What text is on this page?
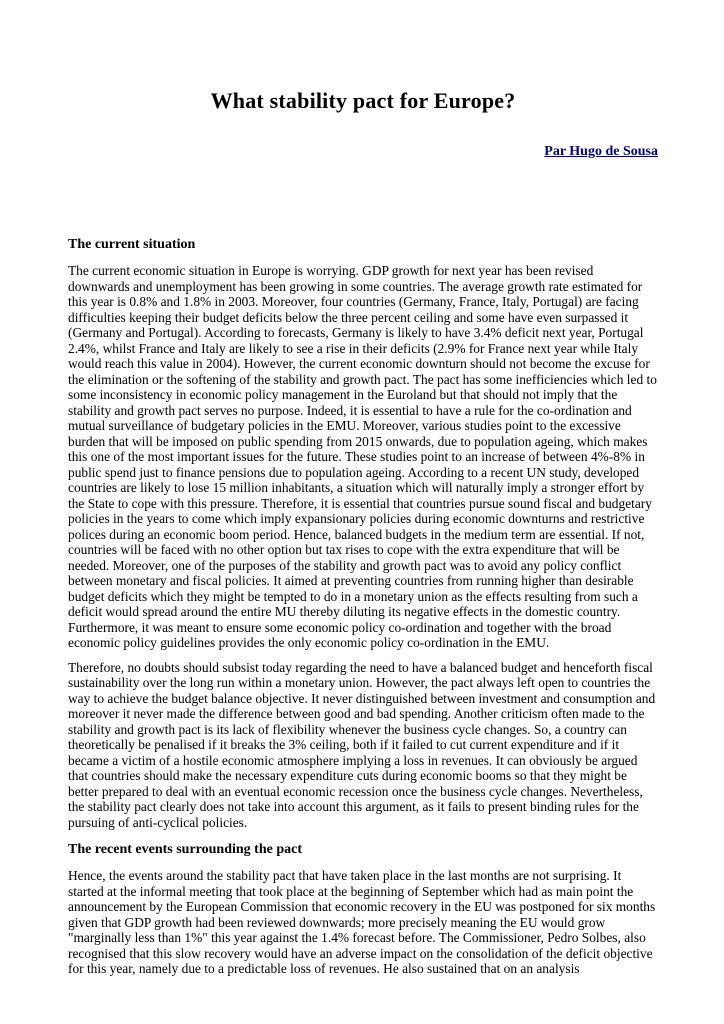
What stability pact for Europe?

Par Hugo de Sousa

The current situation

The current economic situation in Europe is worrying. GDP growth for next year has been revised downwards and unemployment has been growing in some countries. The average growth rate estimated for this year is 0.8% and 1.8% in 2003. Moreover, four countries (Germany, France, Italy, Portugal) are facing difficulties keeping their budget deficits below the three percent ceiling and some have even surpassed it (Germany and Portugal). According to forecasts, Germany is likely to have 3.4% deficit next year, Portugal 2.4%, whilst France and Italy are likely to see a rise in their deficits (2.9% for France next year while Italy would reach this value in 2004). However, the current economic downturn should not become the excuse for the elimination or the softening of the stability and growth pact. The pact has some inefficiencies which led to some inconsistency in economic policy management in the Euroland but that should not imply that the stability and growth pact serves no purpose. Indeed, it is essential to have a rule for the co-ordination and mutual surveillance of budgetary policies in the EMU. Moreover, various studies point to the excessive burden that will be imposed on public spending from 2015 onwards, due to population ageing, which makes this one of the most important issues for the future. These studies point to an increase of between 4%-8% in public spend just to finance pensions due to population ageing. According to a recent UN study, developed countries are likely to lose 15 million inhabitants, a situation which will naturally imply a stronger effort by the State to cope with this pressure. Therefore, it is essential that countries pursue sound fiscal and budgetary policies in the years to come which imply expansionary policies during economic downturns and restrictive polices during an economic boom period. Hence, balanced budgets in the medium term are essential. If not, countries will be faced with no other option but tax rises to cope with the extra expenditure that will be needed. Moreover, one of the purposes of the stability and growth pact was to avoid any policy conflict between monetary and fiscal policies. It aimed at preventing countries from running higher than desirable budget deficits which they might be tempted to do in a monetary union as the effects resulting from such a deficit would spread around the entire MU thereby diluting its negative effects in the domestic country. Furthermore, it was meant to ensure some economic policy co-ordination and together with the broad economic policy guidelines provides the only economic policy co-ordination in the EMU.

Therefore, no doubts should subsist today regarding the need to have a balanced budget and henceforth fiscal sustainability over the long run within a monetary union. However, the pact always left open to countries the way to achieve the budget balance objective. It never distinguished between investment and consumption and moreover it never made the difference between good and bad spending. Another criticism often made to the stability and growth pact is its lack of flexibility whenever the business cycle changes. So, a country can theoretically be penalised if it breaks the 3% ceiling, both if it failed to cut current expenditure and if it became a victim of a hostile economic atmosphere implying a loss in revenues. It can obviously be argued that countries should make the necessary expenditure cuts during economic booms so that they might be better prepared to deal with an eventual economic recession once the business cycle changes. Nevertheless, the stability pact clearly does not take into account this argument, as it fails to present binding rules for the pursuing of anti-cyclical policies.

The recent events surrounding the pact

Hence, the events around the stability pact that have taken place in the last months are not surprising. It started at the informal meeting that took place at the beginning of September which had as main point the announcement by the European Commission that economic recovery in the EU was postponed for six months given that GDP growth had been reviewed downwards; more precisely meaning the EU would grow "marginally less than 1%" this year against the 1.4% forecast before. The Commissioner, Pedro Solbes, also recognised that this slow recovery would have an adverse impact on the consolidation of the deficit objective for this year, namely due to a predictable loss of revenues. He also sustained that on an analysis
